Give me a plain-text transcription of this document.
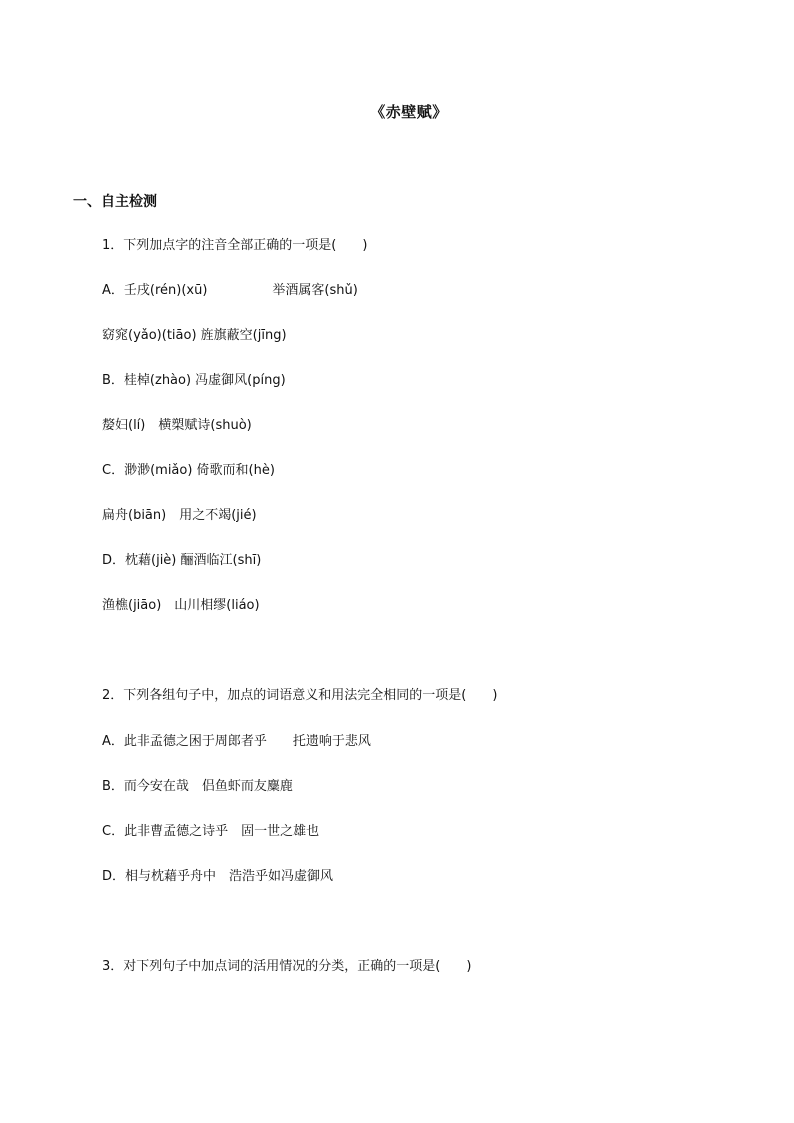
《赤壁赋》
一、自主检测
1．下列加点字的注音全部正确的一项是(　　)
A．壬戌(rén)(xū)　　　　　举酒属客(shǔ)
窈窕(yǎo)(tiāo) 旌旗蔽空(jīng)
B．桂棹(zhào) 冯虚御风(píng)
嫠妇(lí)　横槊赋诗(shuò)
C．渺渺(miǎo) 倚歌而和(hè)
扁舟(biān)　用之不竭(jié)
D．枕藉(jiè) 酾酒临江(shī)
渔樵(jiāo)　山川相缪(liáo)
2．下列各组句子中，加点的词语意义和用法完全相同的一项是(　　)
A．此非孟德之困于周郎者乎　　托遗响于悲风
B．而今安在哉　侣鱼虾而友麋鹿
C．此非曹孟德之诗乎　固一世之雄也
D．相与枕藉乎舟中　浩浩乎如冯虚御风
3．对下列句子中加点词的活用情况的分类，正确的一项是(　　)
